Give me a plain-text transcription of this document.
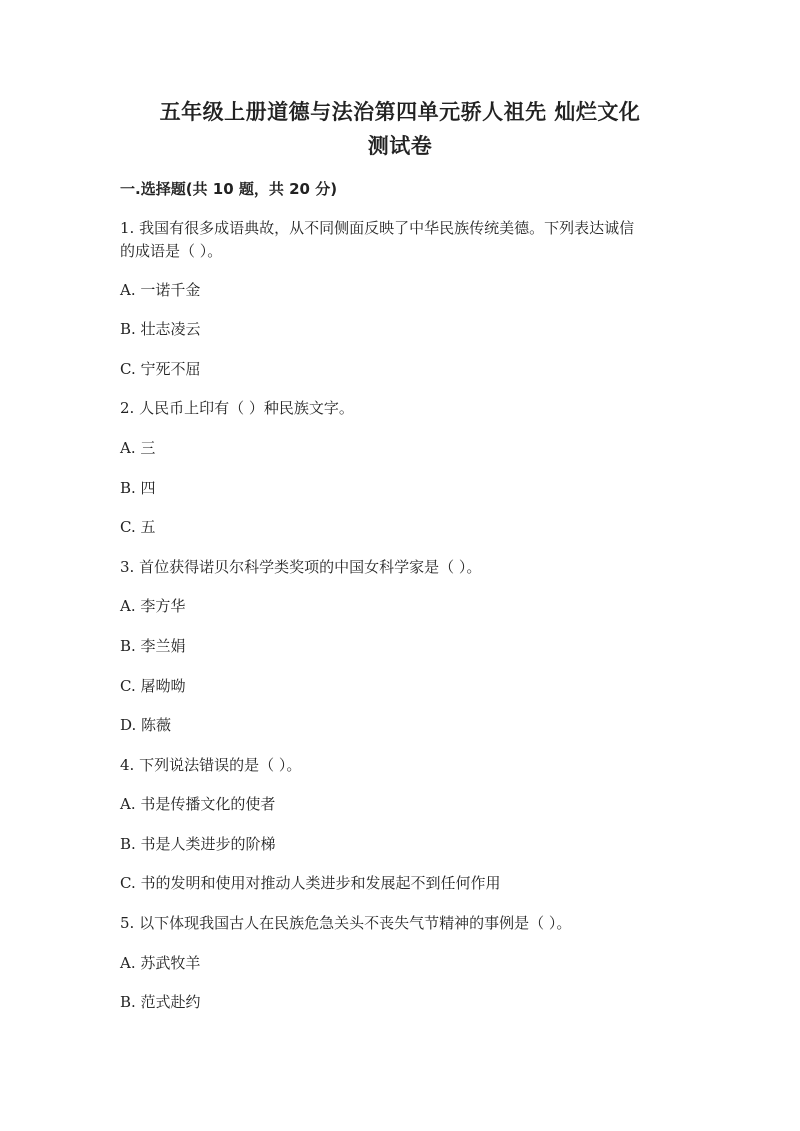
五年级上册道德与法治第四单元骄人祖先 灿烂文化
测试卷
一.选择题(共 10 题，共 20 分)
1. 我国有很多成语典故，从不同侧面反映了中华民族传统美德。下列表达诚信
的成语是（ ）。
A. 一诺千金
B. 壮志凌云
C. 宁死不屈
2. 人民币上印有（ ）种民族文字。
A. 三
B. 四
C. 五
3. 首位获得诺贝尔科学类奖项的中国女科学家是（ ）。
A. 李方华
B. 李兰娟
C. 屠呦呦
D. 陈薇
4. 下列说法错误的是（ ）。
A. 书是传播文化的使者
B. 书是人类进步的阶梯
C. 书的发明和使用对推动人类进步和发展起不到任何作用
5. 以下体现我国古人在民族危急关头不丧失气节精神的事例是（ ）。
A. 苏武牧羊
B. 范式赴约
